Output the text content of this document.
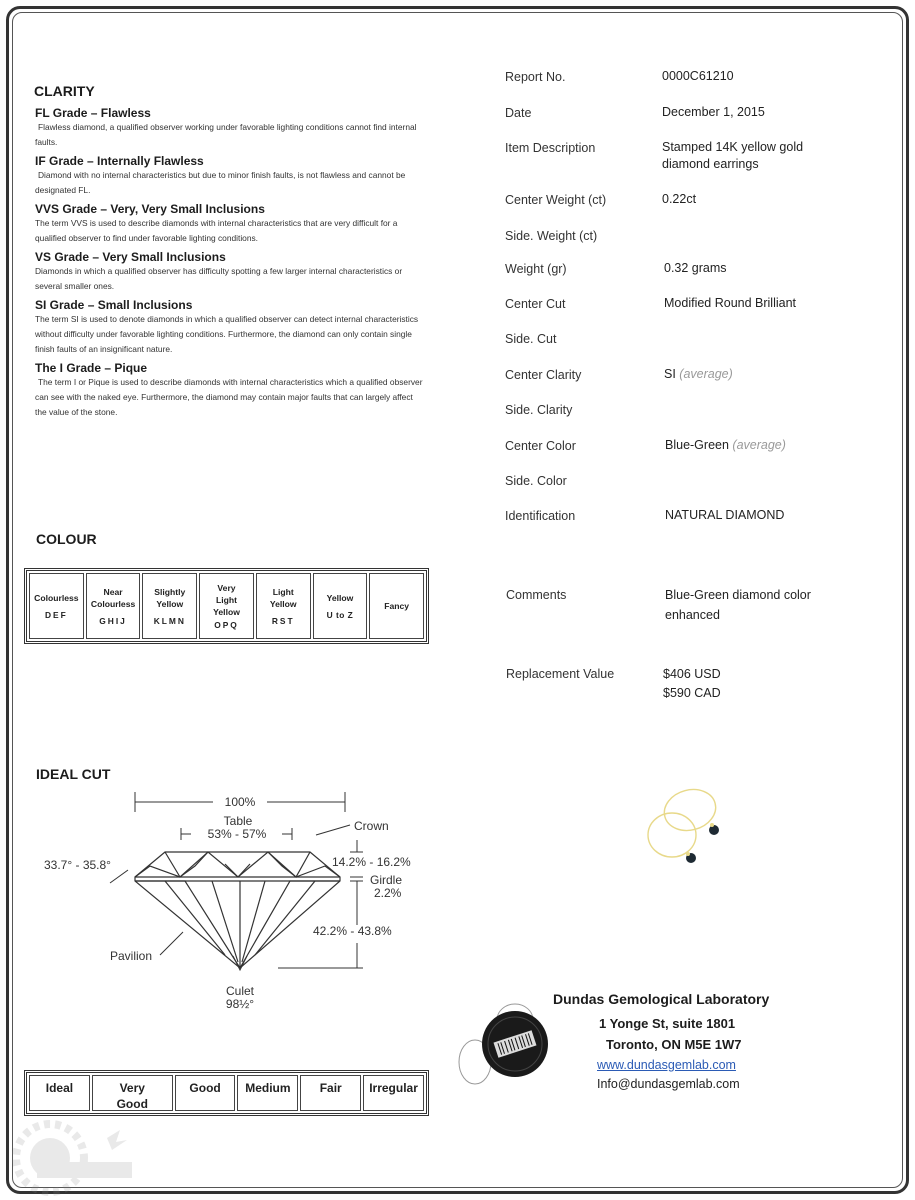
CLARITY
FL Grade – Flawless
Flawless diamond, a qualified observer working under favorable lighting conditions cannot find internal faults.
IF Grade – Internally Flawless
Diamond with no internal characteristics but due to minor finish faults, is not flawless and cannot be designated FL.
VVS Grade – Very, Very Small Inclusions
The term VVS is used to describe diamonds with internal characteristics that are very difficult for a qualified observer to find under favorable lighting conditions.
VS Grade – Very Small Inclusions
Diamonds in which a qualified observer has difficulty spotting a few larger internal characteristics or several smaller ones.
SI Grade – Small Inclusions
The term SI is used to denote diamonds in which a qualified observer can detect internal characteristics without difficulty under favorable lighting conditions. Furthermore, the diamond can only contain single finish faults of an insignificant nature.
The I Grade – Pique
The term I or Pique is used to describe diamonds with internal characteristics which a qualified observer can see with the naked eye. Furthermore, the diamond may contain major faults that can largely affect the value of the stone.
Report No.	0000C61210
Date	December 1, 2015
Item Description	Stamped 14K yellow gold
diamond earrings
Center Weight (ct)	0.22ct
Side. Weight (ct)
Weight (gr)	0.32 grams
Center Cut	Modified Round Brilliant
Side. Cut
Center Clarity	SI (average)
Side. Clarity
Center Color	Blue-Green (average)
Side. Color
Identification	NATURAL DIAMOND
Comments	Blue-Green diamond color
enhanced
Replacement Value	$406 USD
$590 CAD
COLOUR
Colourless
DEF
Near Colourless
GHIJ
Slightly Yellow
KLMN
Very Light Yellow
OPQ
Light Yellow
RST
Yellow
U to Z
Fancy
IDEAL CUT
100%
Table
53% - 57%
Crown
33.7° - 35.8°	14.2% - 16.2%
Girdle
2.2%
42.2% - 43.8%
Pavilion
Culet
98½°
Ideal	Very Good
Good	Medium	Fair	Irregular
Dundas Gemological Laboratory
1 Yonge St, suite 1801
Toronto, ON M5E 1W7
www.dundasgemlab.com
Info@dundasgemlab.com
